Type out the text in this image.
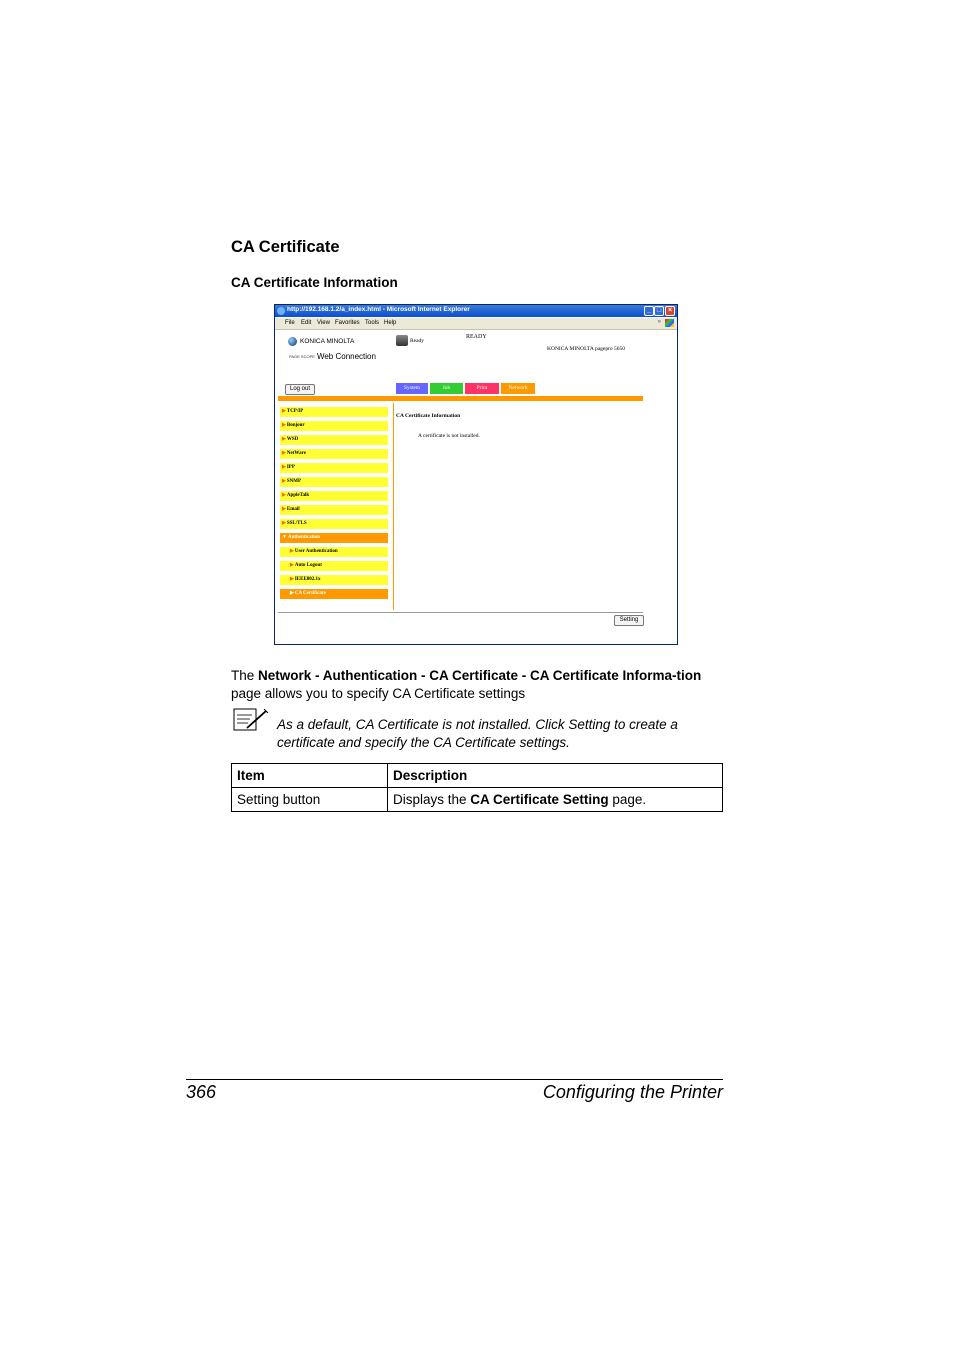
CA Certificate
CA Certificate Information
http://192.168.1.2/a_index.html - Microsoft Internet Explorer	_ □ ×
File Edit View Favorites Tools Help	»
KONICA MINOLTA
PAGE SCOPE Web Connection
Ready
READY
KONICA MINOLTA pagepro 5650
Log out	System	Job	Print	Network
▶TCP/IP
▶Bonjour
▶WSD
▶NetWare
▶IPP
▶SNMP
▶AppleTalk
▶Email
▶SSL/TLS
▼Authentication
▶User Authentication
▶Auto Logout
▶IEEE802.1x
▶CA Certificate
CA Certificate Information
A certificate is not installed.
Setting
The Network - Authentication - CA Certificate - CA Certificate Informa-tion page allows you to specify CA Certificate settings
As a default, CA Certificate is not installed. Click Setting to create a certificate and specify the CA Certificate settings.
Item	Description
Setting button	Displays the CA Certificate Setting page.
366	Configuring the Printer
